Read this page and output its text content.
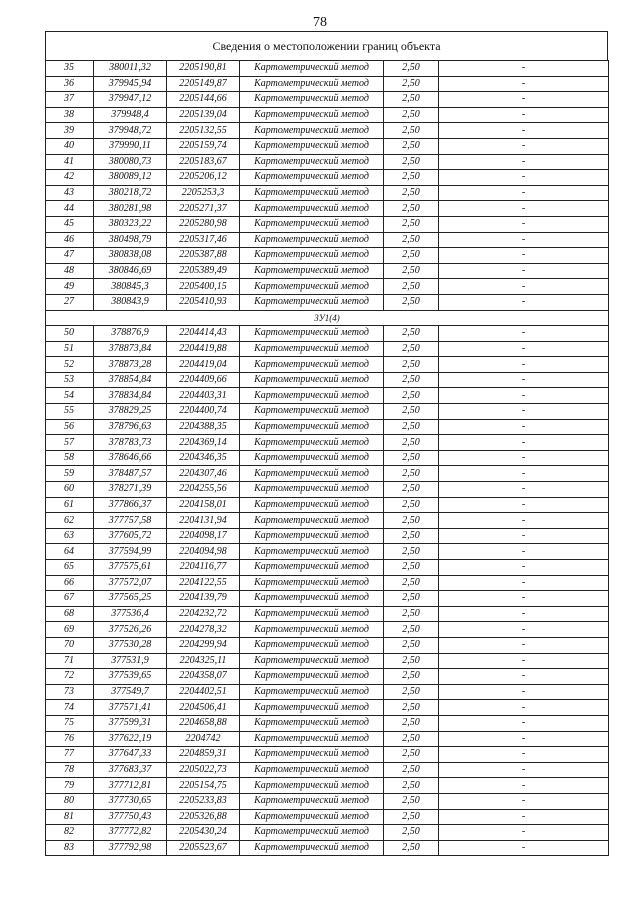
78
Сведения о местоположении границ объекта
35	380011,32	2205190,81	Картометрический метод	2,50	-
36	379945,94	2205149,87	Картометрический метод	2,50	-
37	379947,12	2205144,66	Картометрический метод	2,50	-
38	379948,4	2205139,04	Картометрический метод	2,50	-
39	379948,72	2205132,55	Картометрический метод	2,50	-
40	379990,11	2205159,74	Картометрический метод	2,50	-
41	380080,73	2205183,67	Картометрический метод	2,50	-
42	380089,12	2205206,12	Картометрический метод	2,50	-
43	380218,72	2205253,3	Картометрический метод	2,50	-
44	380281,98	2205271,37	Картометрический метод	2,50	-
45	380323,22	2205280,98	Картометрический метод	2,50	-
46	380498,79	2205317,46	Картометрический метод	2,50	-
47	380838,08	2205387,88	Картометрический метод	2,50	-
48	380846,69	2205389,49	Картометрический метод	2,50	-
49	380845,3	2205400,15	Картометрический метод	2,50	-
27	380843,9	2205410,93	Картометрический метод	2,50	-
3У1(4)					
50	378876,9	2204414,43	Картометрический метод	2,50	-
51	378873,84	2204419,88	Картометрический метод	2,50	-
52	378873,28	2204419,04	Картометрический метод	2,50	-
53	378854,84	2204409,66	Картометрический метод	2,50	-
54	378834,84	2204403,31	Картометрический метод	2,50	-
55	378829,25	2204400,74	Картометрический метод	2,50	-
56	378796,63	2204388,35	Картометрический метод	2,50	-
57	378783,73	2204369,14	Картометрический метод	2,50	-
58	378646,66	2204346,35	Картометрический метод	2,50	-
59	378487,57	2204307,46	Картометрический метод	2,50	-
60	378271,39	2204255,56	Картометрический метод	2,50	-
61	377866,37	2204158,01	Картометрический метод	2,50	-
62	377757,58	2204131,94	Картометрический метод	2,50	-
63	377605,72	2204098,17	Картометрический метод	2,50	-
64	377594,99	2204094,98	Картометрический метод	2,50	-
65	377575,61	2204116,77	Картометрический метод	2,50	-
66	377572,07	2204122,55	Картометрический метод	2,50	-
67	377565,25	2204139,79	Картометрический метод	2,50	-
68	377536,4	2204232,72	Картометрический метод	2,50	-
69	377526,26	2204278,32	Картометрический метод	2,50	-
70	377530,28	2204299,94	Картометрический метод	2,50	-
71	377531,9	2204325,11	Картометрический метод	2,50	-
72	377539,65	2204358,07	Картометрический метод	2,50	-
73	377549,7	2204402,51	Картометрический метод	2,50	-
74	377571,41	2204506,41	Картометрический метод	2,50	-
75	377599,31	2204658,88	Картометрический метод	2,50	-
76	377622,19	2204742	Картометрический метод	2,50	-
77	377647,33	2204859,31	Картометрический метод	2,50	-
78	377683,37	2205022,73	Картометрический метод	2,50	-
79	377712,81	2205154,75	Картометрический метод	2,50	-
80	377730,65	2205233,83	Картометрический метод	2,50	-
81	377750,43	2205326,88	Картометрический метод	2,50	-
82	377772,82	2205430,24	Картометрический метод	2,50	-
83	377792,98	2205523,67	Картометрический метод	2,50	-
